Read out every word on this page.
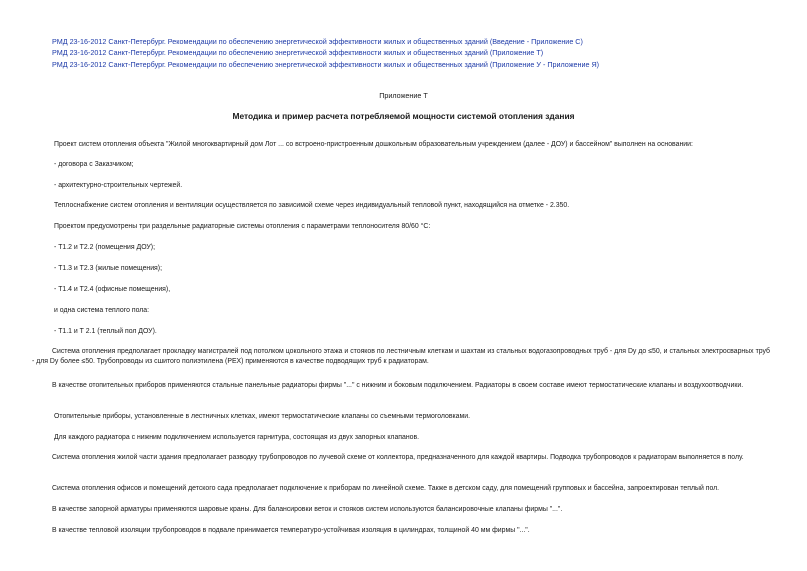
РМД 23-16-2012 Санкт-Петербург. Рекомендации по обеспечению энергетической эффективности жилых и общественных зданий (Введение - Приложение С)
РМД 23-16-2012 Санкт-Петербург. Рекомендации по обеспечению энергетической эффективности жилых и общественных зданий (Приложение Т)
РМД 23-16-2012 Санкт-Петербург. Рекомендации по обеспечению энергетической эффективности жилых и общественных зданий (Приложение У - Приложение Я)
Приложение Т
Методика и пример расчета потребляемой мощности системой отопления здания
Проект систем отопления объекта "Жилой многоквартирный дом Лот ... со встроено-пристроенным дошкольным образовательным учреждением (далее - ДОУ) и бассейном" выполнен на основании:
- договора с Заказчиком;
- архитектурно-строительных чертежей.
Теплоснабжение систем отопления и вентиляции осуществляется по зависимой схеме через индивидуальный тепловой пункт, находящийся на отметке - 2.350.
Проектом предусмотрены три раздельные радиаторные системы отопления с параметрами теплоносителя 80/60 °С:
- Т1.2 и Т2.2 (помещения ДОУ);
- Т1.3 и Т2.3 (жилые помещения);
- Т1.4 и Т2.4 (офисные помещения),
и одна система теплого пола:
- Т1.1 и Т 2.1 (теплый пол ДОУ).
Система отопления предполагает прокладку магистралей под потолком цокольного этажа и стояков по лестничным клеткам и шахтам из стальных водогазопроводных труб - для Dy до ≤50, и стальных электросварных труб - для Dy более ≤50. Трубопроводы из сшитого полиэтилена (PEX) применяются в качестве подводящих труб к радиаторам.
В качестве отопительных приборов применяются стальные панельные радиаторы фирмы "..." с нижним и боковым подключением. Радиаторы в своем составе имеют термостатические клапаны и воздухоотводчики.
Отопительные приборы, установленные в лестничных клетках, имеют термостатические клапаны со съемными термоголовками.
Для каждого радиатора с нижним подключением используется гарнитура, состоящая из двух запорных клапанов.
Система отопления жилой части здания предполагает разводку трубопроводов по лучевой схеме от коллектора, предназначенного для каждой квартиры. Подводка трубопроводов к радиаторам выполняется в полу.
Система отопления офисов и помещений детского сада предполагает подключение к приборам по линейной схеме. Также в детском саду, для помещений групповых и бассейна, запроектирован теплый пол.
В качестве запорной арматуры применяются шаровые краны. Для балансировки веток и стояков систем используются балансировочные клапаны фирмы "...".
В качестве тепловой изоляции трубопроводов в подвале принимается температуро-устойчивая изоляция в цилиндрах, толщиной 40 мм фирмы "...".
